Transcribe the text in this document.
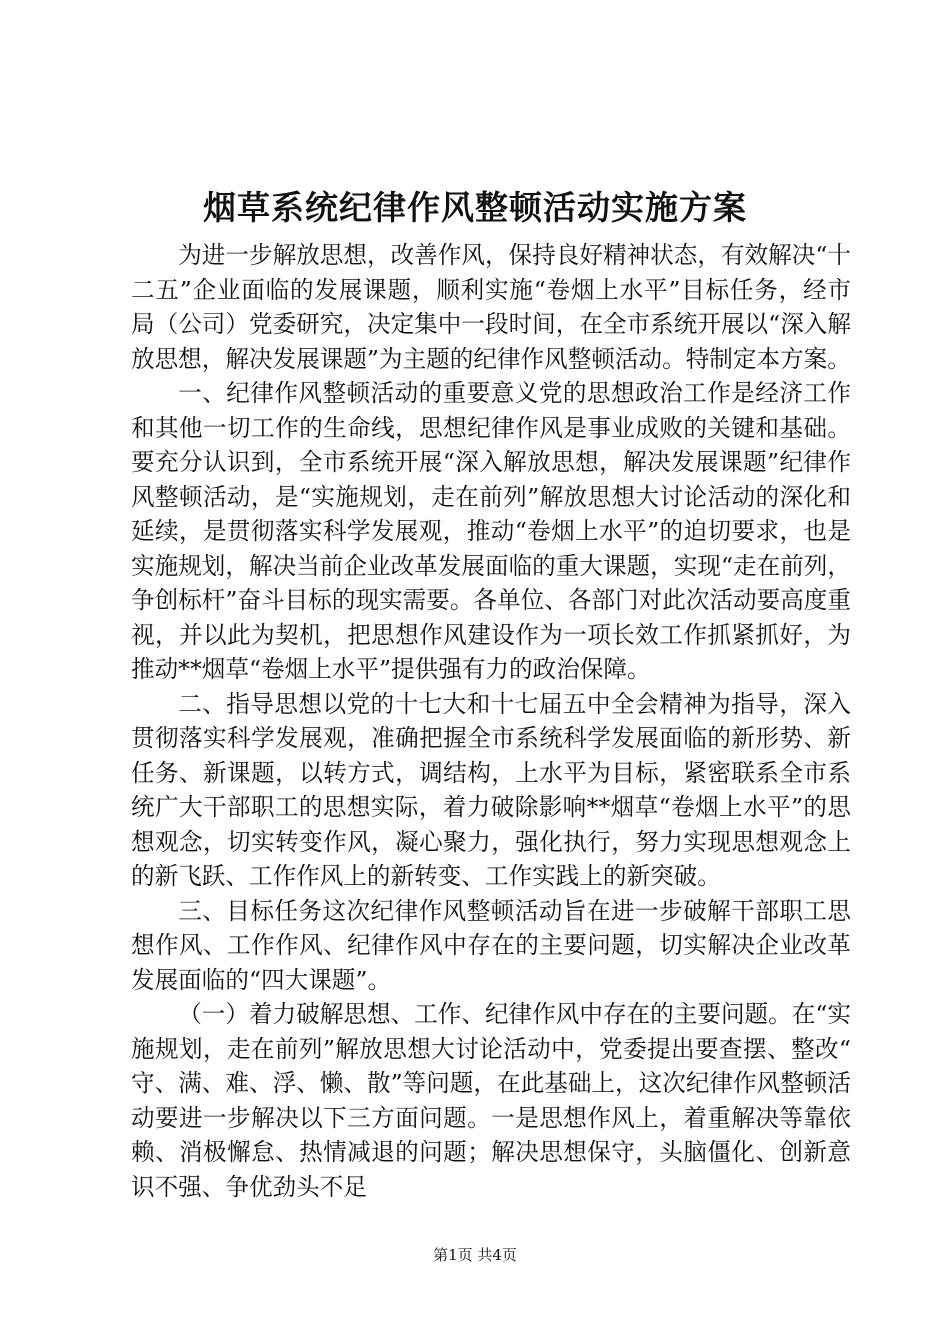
烟草系统纪律作风整顿活动实施方案

为进一步解放思想，改善作风，保持良好精神状态，有效解决“十二五”企业面临的发展课题，顺利实施“卷烟上水平”目标任务，经市局（公司）党委研究，决定集中一段时间，在全市系统开展以“深入解放思想，解决发展课题”为主题的纪律作风整顿活动。特制定本方案。

一、纪律作风整顿活动的重要意义党的思想政治工作是经济工作和其他一切工作的生命线，思想纪律作风是事业成败的关键和基础。要充分认识到，全市系统开展“深入解放思想，解决发展课题”纪律作风整顿活动，是“实施规划，走在前列”解放思想大讨论活动的深化和延续，是贯彻落实科学发展观，推动“卷烟上水平”的迫切要求，也是实施规划，解决当前企业改革发展面临的重大课题，实现“走在前列，争创标杆”奋斗目标的现实需要。各单位、各部门对此次活动要高度重视，并以此为契机，把思想作风建设作为一项长效工作抓紧抓好，为推动**烟草“卷烟上水平”提供强有力的政治保障。

二、指导思想以党的十七大和十七届五中全会精神为指导，深入贯彻落实科学发展观，准确把握全市系统科学发展面临的新形势、新任务、新课题，以转方式，调结构，上水平为目标，紧密联系全市系统广大干部职工的思想实际，着力破除影响**烟草“卷烟上水平”的思想观念，切实转变作风，凝心聚力，强化执行，努力实现思想观念上的新飞跃、工作作风上的新转变、工作实践上的新突破。

三、目标任务这次纪律作风整顿活动旨在进一步破解干部职工思想作风、工作作风、纪律作风中存在的主要问题，切实解决企业改革发展面临的“四大课题”。

（一）着力破解思想、工作、纪律作风中存在的主要问题。在“实施规划，走在前列”解放思想大讨论活动中，党委提出要查摆、整改“守、满、难、浮、懒、散”等问题，在此基础上，这次纪律作风整顿活动要进一步解决以下三方面问题。一是思想作风上，着重解决等靠依赖、消极懈怠、热情减退的问题；解决思想保守，头脑僵化、创新意识不强、争优劲头不足

第1页 共4页
